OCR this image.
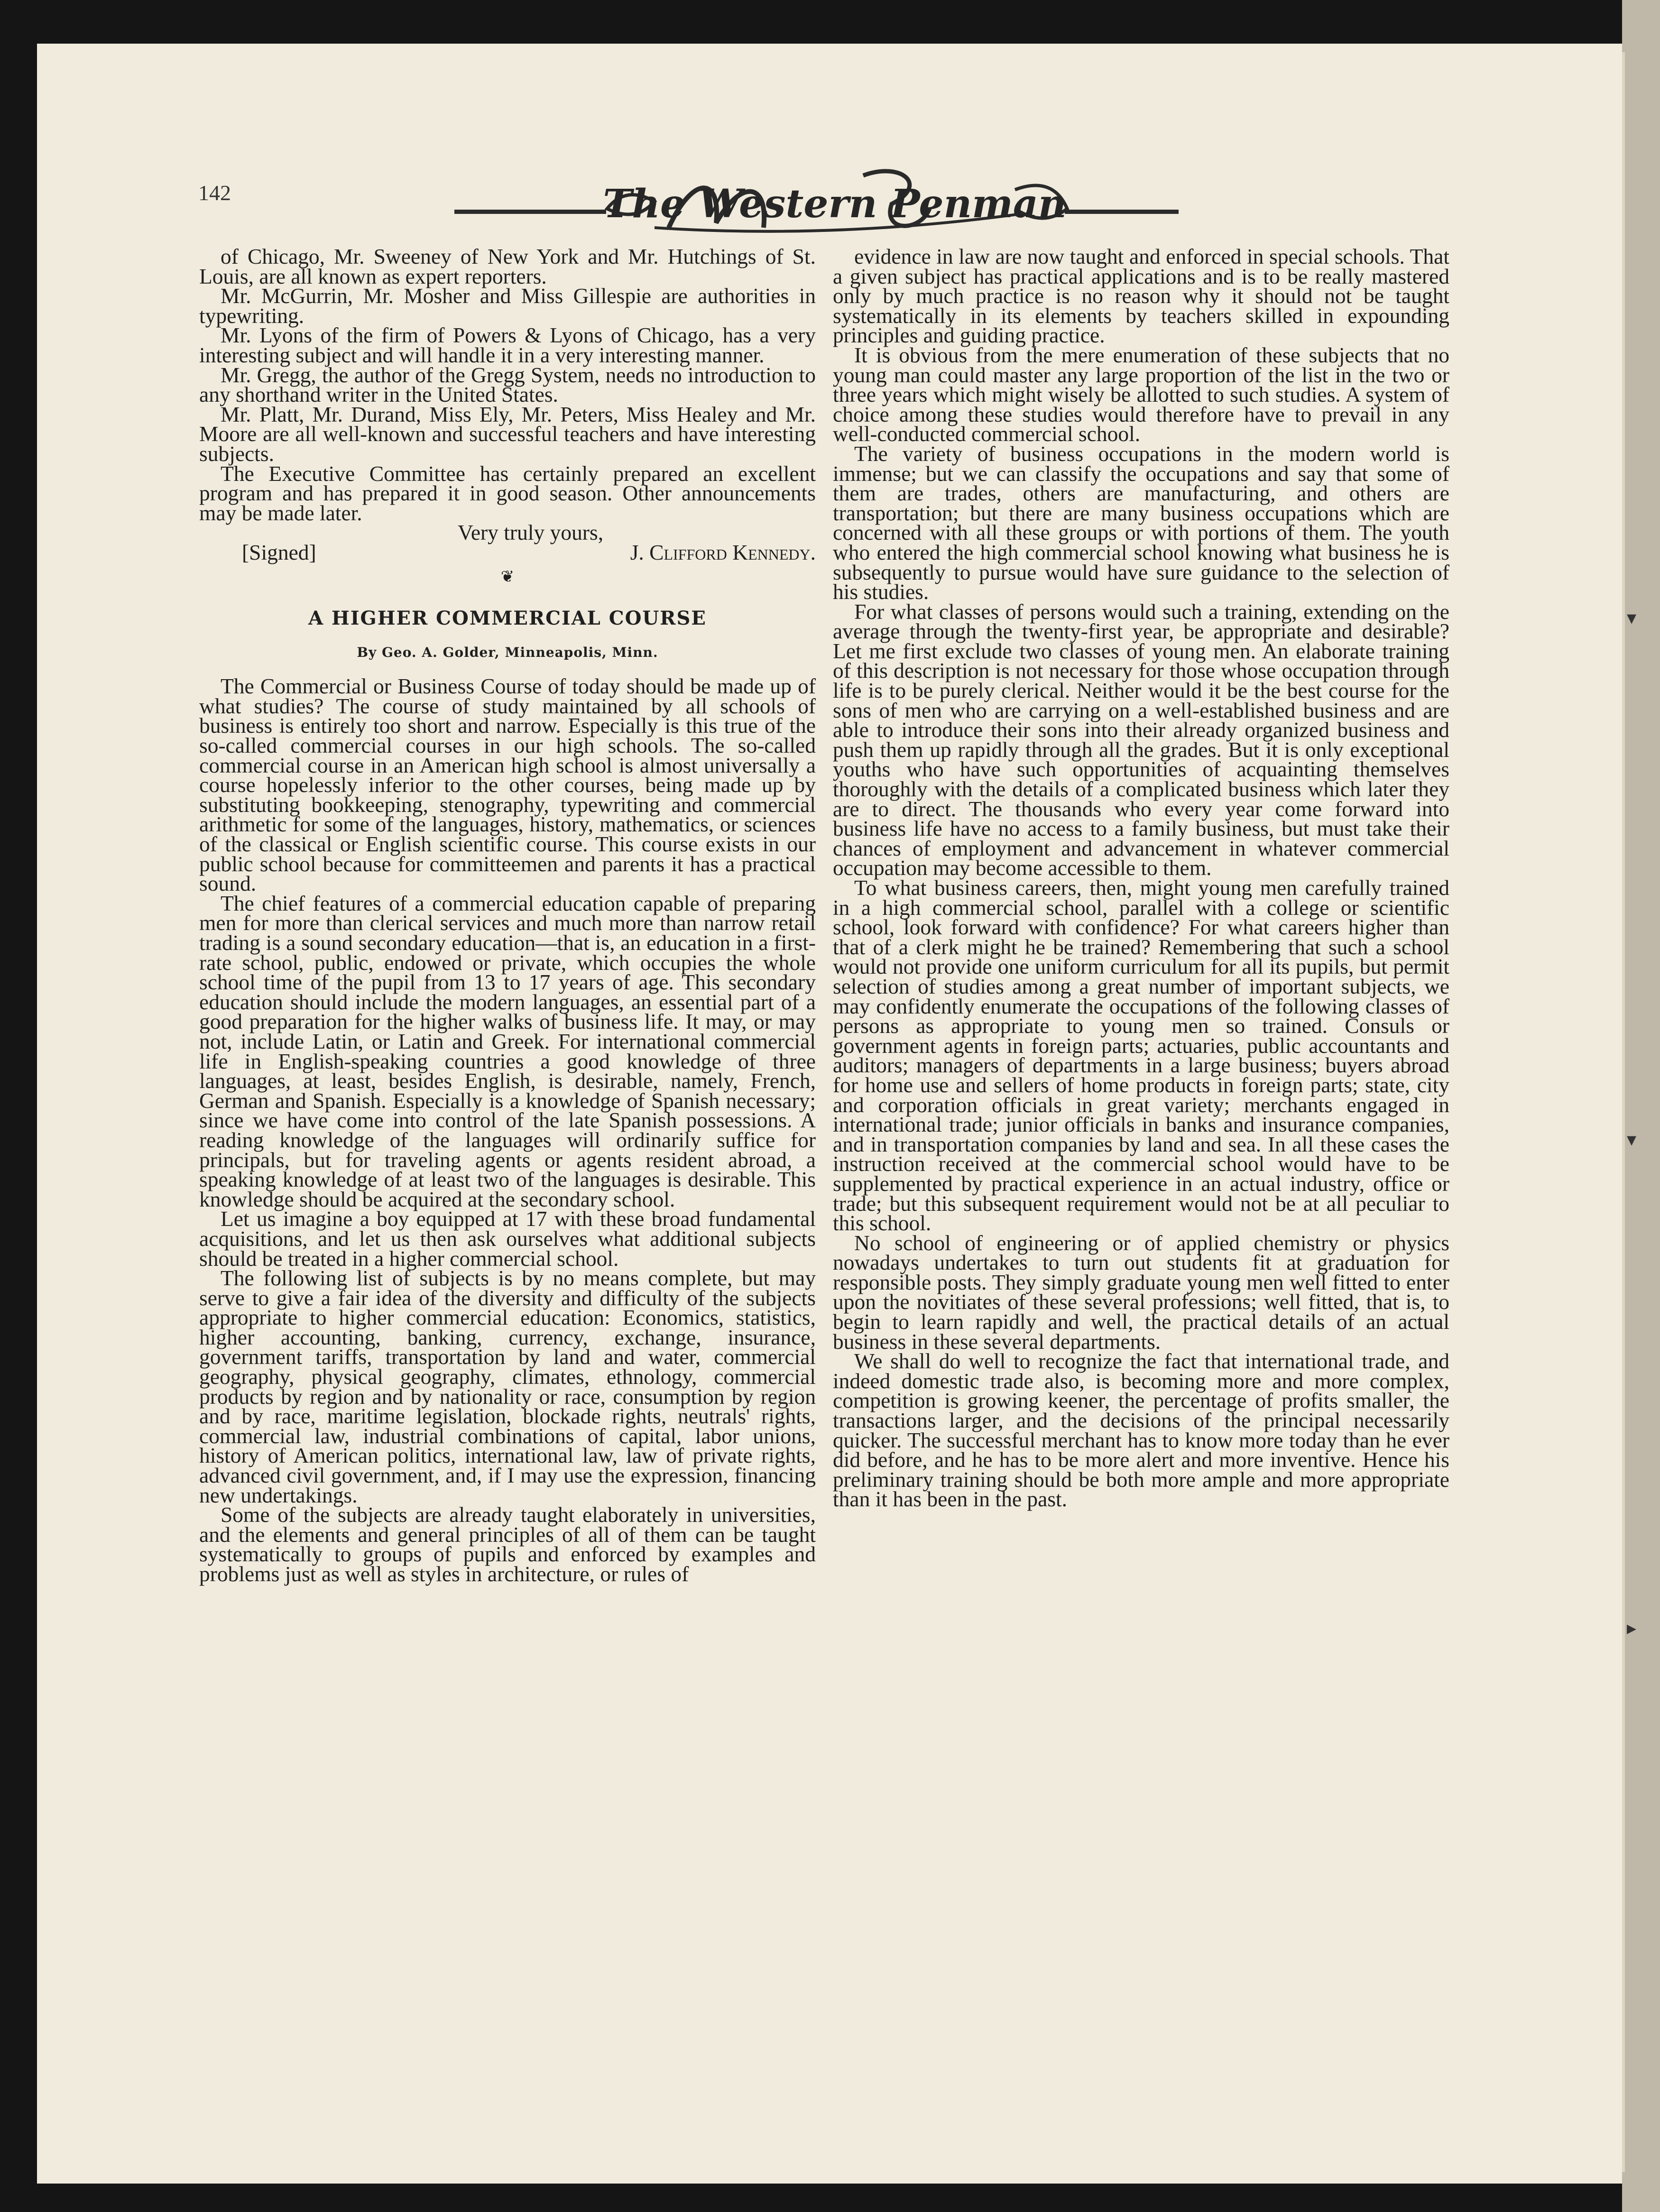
142	The Western Penman

of Chicago, Mr. Sweeney of New York and Mr. Hutchings of St. Louis, are all known as expert reporters.

Mr. McGurrin, Mr. Mosher and Miss Gillespie are authorities in typewriting.

Mr. Lyons of the firm of Powers & Lyons of Chicago, has a very interesting subject and will handle it in a very interesting manner.

Mr. Gregg, the author of the Gregg System, needs no introduction to any shorthand writer in the United States.

Mr. Platt, Mr. Durand, Miss Ely, Mr. Peters, Miss Healey and Mr. Moore are all well-known and successful teachers and have interesting subjects.

The Executive Committee has certainly prepared an excellent program and has prepared it in good season. Other announcements may be made later.

Very truly yours,

[Signed]	J. Clifford Kennedy.
❦
A HIGHER COMMERCIAL COURSE
By Geo. A. Golder, Minneapolis, Minn.

The Commercial or Business Course of today should be made up of what studies? The course of study maintained by all schools of business is entirely too short and narrow. Especially is this true of the so-called commercial courses in our high schools. The so-called commercial course in an American high school is almost universally a course hopelessly inferior to the other courses, being made up by substituting bookkeeping, stenography, typewriting and commercial arithmetic for some of the languages, history, mathematics, or sciences of the classical or English scientific course. This course exists in our public school because for committeemen and parents it has a practical sound.

The chief features of a commercial education capable of preparing men for more than clerical services and much more than narrow retail trading is a sound secondary education—that is, an education in a first-rate school, public, endowed or private, which occupies the whole school time of the pupil from 13 to 17 years of age. This secondary education should include the modern languages, an essential part of a good preparation for the higher walks of business life. It may, or may not, include Latin, or Latin and Greek. For international commercial life in English-speaking countries a good knowledge of three languages, at least, besides English, is desirable, namely, French, German and Spanish. Especially is a knowledge of Spanish necessary; since we have come into control of the late Spanish possessions. A reading knowledge of the languages will ordinarily suffice for principals, but for traveling agents or agents resident abroad, a speaking knowledge of at least two of the languages is desirable. This knowledge should be acquired at the secondary school.

Let us imagine a boy equipped at 17 with these broad fundamental acquisitions, and let us then ask ourselves what additional subjects should be treated in a higher commercial school.

The following list of subjects is by no means complete, but may serve to give a fair idea of the diversity and difficulty of the subjects appropriate to higher commercial education: Economics, statistics, higher accounting, banking, currency, exchange, insurance, government tariffs, transportation by land and water, commercial geography, physical geography, climates, ethnology, commercial products by region and by nationality or race, consumption by region and by race, maritime legislation, blockade rights, neutrals' rights, commercial law, industrial combinations of capital, labor unions, history of American politics, international law, law of private rights, advanced civil government, and, if I may use the expression, financing new undertakings.

Some of the subjects are already taught elaborately in universities, and the elements and general principles of all of them can be taught systematically to groups of pupils and enforced by examples and problems just as well as styles in architecture, or rules of

evidence in law are now taught and enforced in special schools. That a given subject has practical applications and is to be really mastered only by much practice is no reason why it should not be taught systematically in its elements by teachers skilled in expounding principles and guiding practice.

It is obvious from the mere enumeration of these subjects that no young man could master any large proportion of the list in the two or three years which might wisely be allotted to such studies. A system of choice among these studies would therefore have to prevail in any well-conducted commercial school.

The variety of business occupations in the modern world is immense; but we can classify the occupations and say that some of them are trades, others are manufacturing, and others are transportation; but there are many business occupations which are concerned with all these groups or with portions of them. The youth who entered the high commercial school knowing what business he is subsequently to pursue would have sure guidance to the selection of his studies.

For what classes of persons would such a training, extending on the average through the twenty-first year, be appropriate and desirable? Let me first exclude two classes of young men. An elaborate training of this description is not necessary for those whose occupation through life is to be purely clerical. Neither would it be the best course for the sons of men who are carrying on a well-established business and are able to introduce their sons into their already organized business and push them up rapidly through all the grades. But it is only exceptional youths who have such opportunities of acquainting themselves thoroughly with the details of a complicated business which later they are to direct. The thousands who every year come forward into business life have no access to a family business, but must take their chances of employment and advancement in whatever commercial occupation may become accessible to them.

To what business careers, then, might young men carefully trained in a high commercial school, parallel with a college or scientific school, look forward with confidence? For what careers higher than that of a clerk might he be trained? Remembering that such a school would not provide one uniform curriculum for all its pupils, but permit selection of studies among a great number of important subjects, we may confidently enumerate the occupations of the following classes of persons as appropriate to young men so trained. Consuls or government agents in foreign parts; actuaries, public accountants and auditors; managers of departments in a large business; buyers abroad for home use and sellers of home products in foreign parts; state, city and corporation officials in great variety; merchants engaged in international trade; junior officials in banks and insurance companies, and in transportation companies by land and sea. In all these cases the instruction received at the commercial school would have to be supplemented by practical experience in an actual industry, office or trade; but this subsequent requirement would not be at all peculiar to this school.

No school of engineering or of applied chemistry or physics nowadays undertakes to turn out students fit at graduation for responsible posts. They simply graduate young men well fitted to enter upon the novitiates of these several professions; well fitted, that is, to begin to learn rapidly and well, the practical details of an actual business in these several departments.

We shall do well to recognize the fact that international trade, and indeed domestic trade also, is becoming more and more complex, competition is growing keener, the percentage of profits smaller, the transactions larger, and the decisions of the principal necessarily quicker. The successful merchant has to know more today than he ever did before, and he has to be more alert and more inventive. Hence his preliminary training should be both more ample and more appropriate than it has been in the past.

▾
▾
▸
